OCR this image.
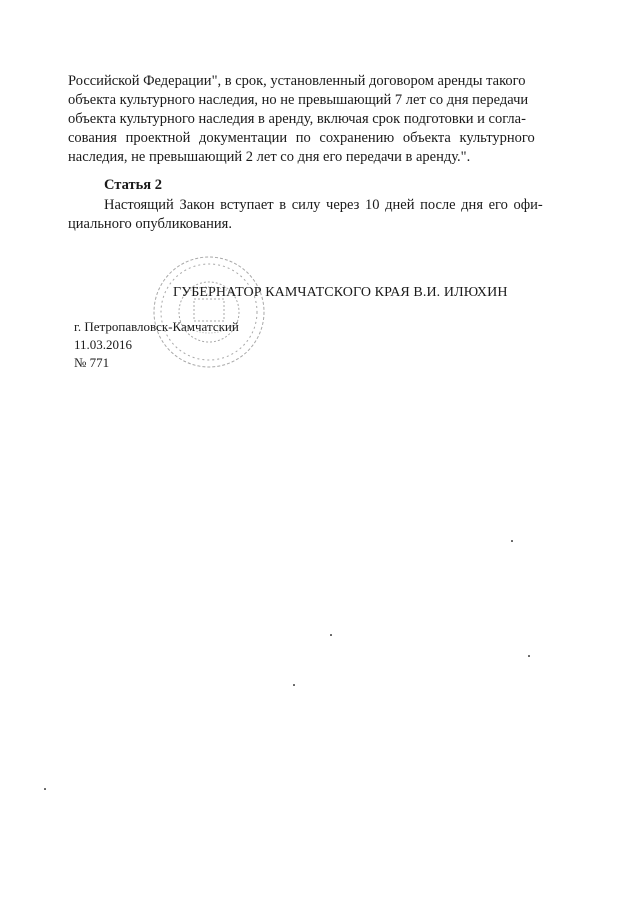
Российской Федерации", в срок, установленный договором аренды такого
объекта культурного наследия, но не превышающий 7 лет со дня передачи
объекта культурного наследия в аренду, включая срок подготовки и согла-
сования проектной документации по сохранению объекта культурного
наследия, не превышающий 2 лет со дня его передачи в аренду.".
Статья 2
Настоящий Закон вступает в силу через 10 дней после дня его офи-
циального опубликования.
ГУБЕРНАТОР КАМЧАТСКОГО КРАЯ В.И. ИЛЮХИН
г. Петропавловск-Камчатский
11.03.2016
№ 771
